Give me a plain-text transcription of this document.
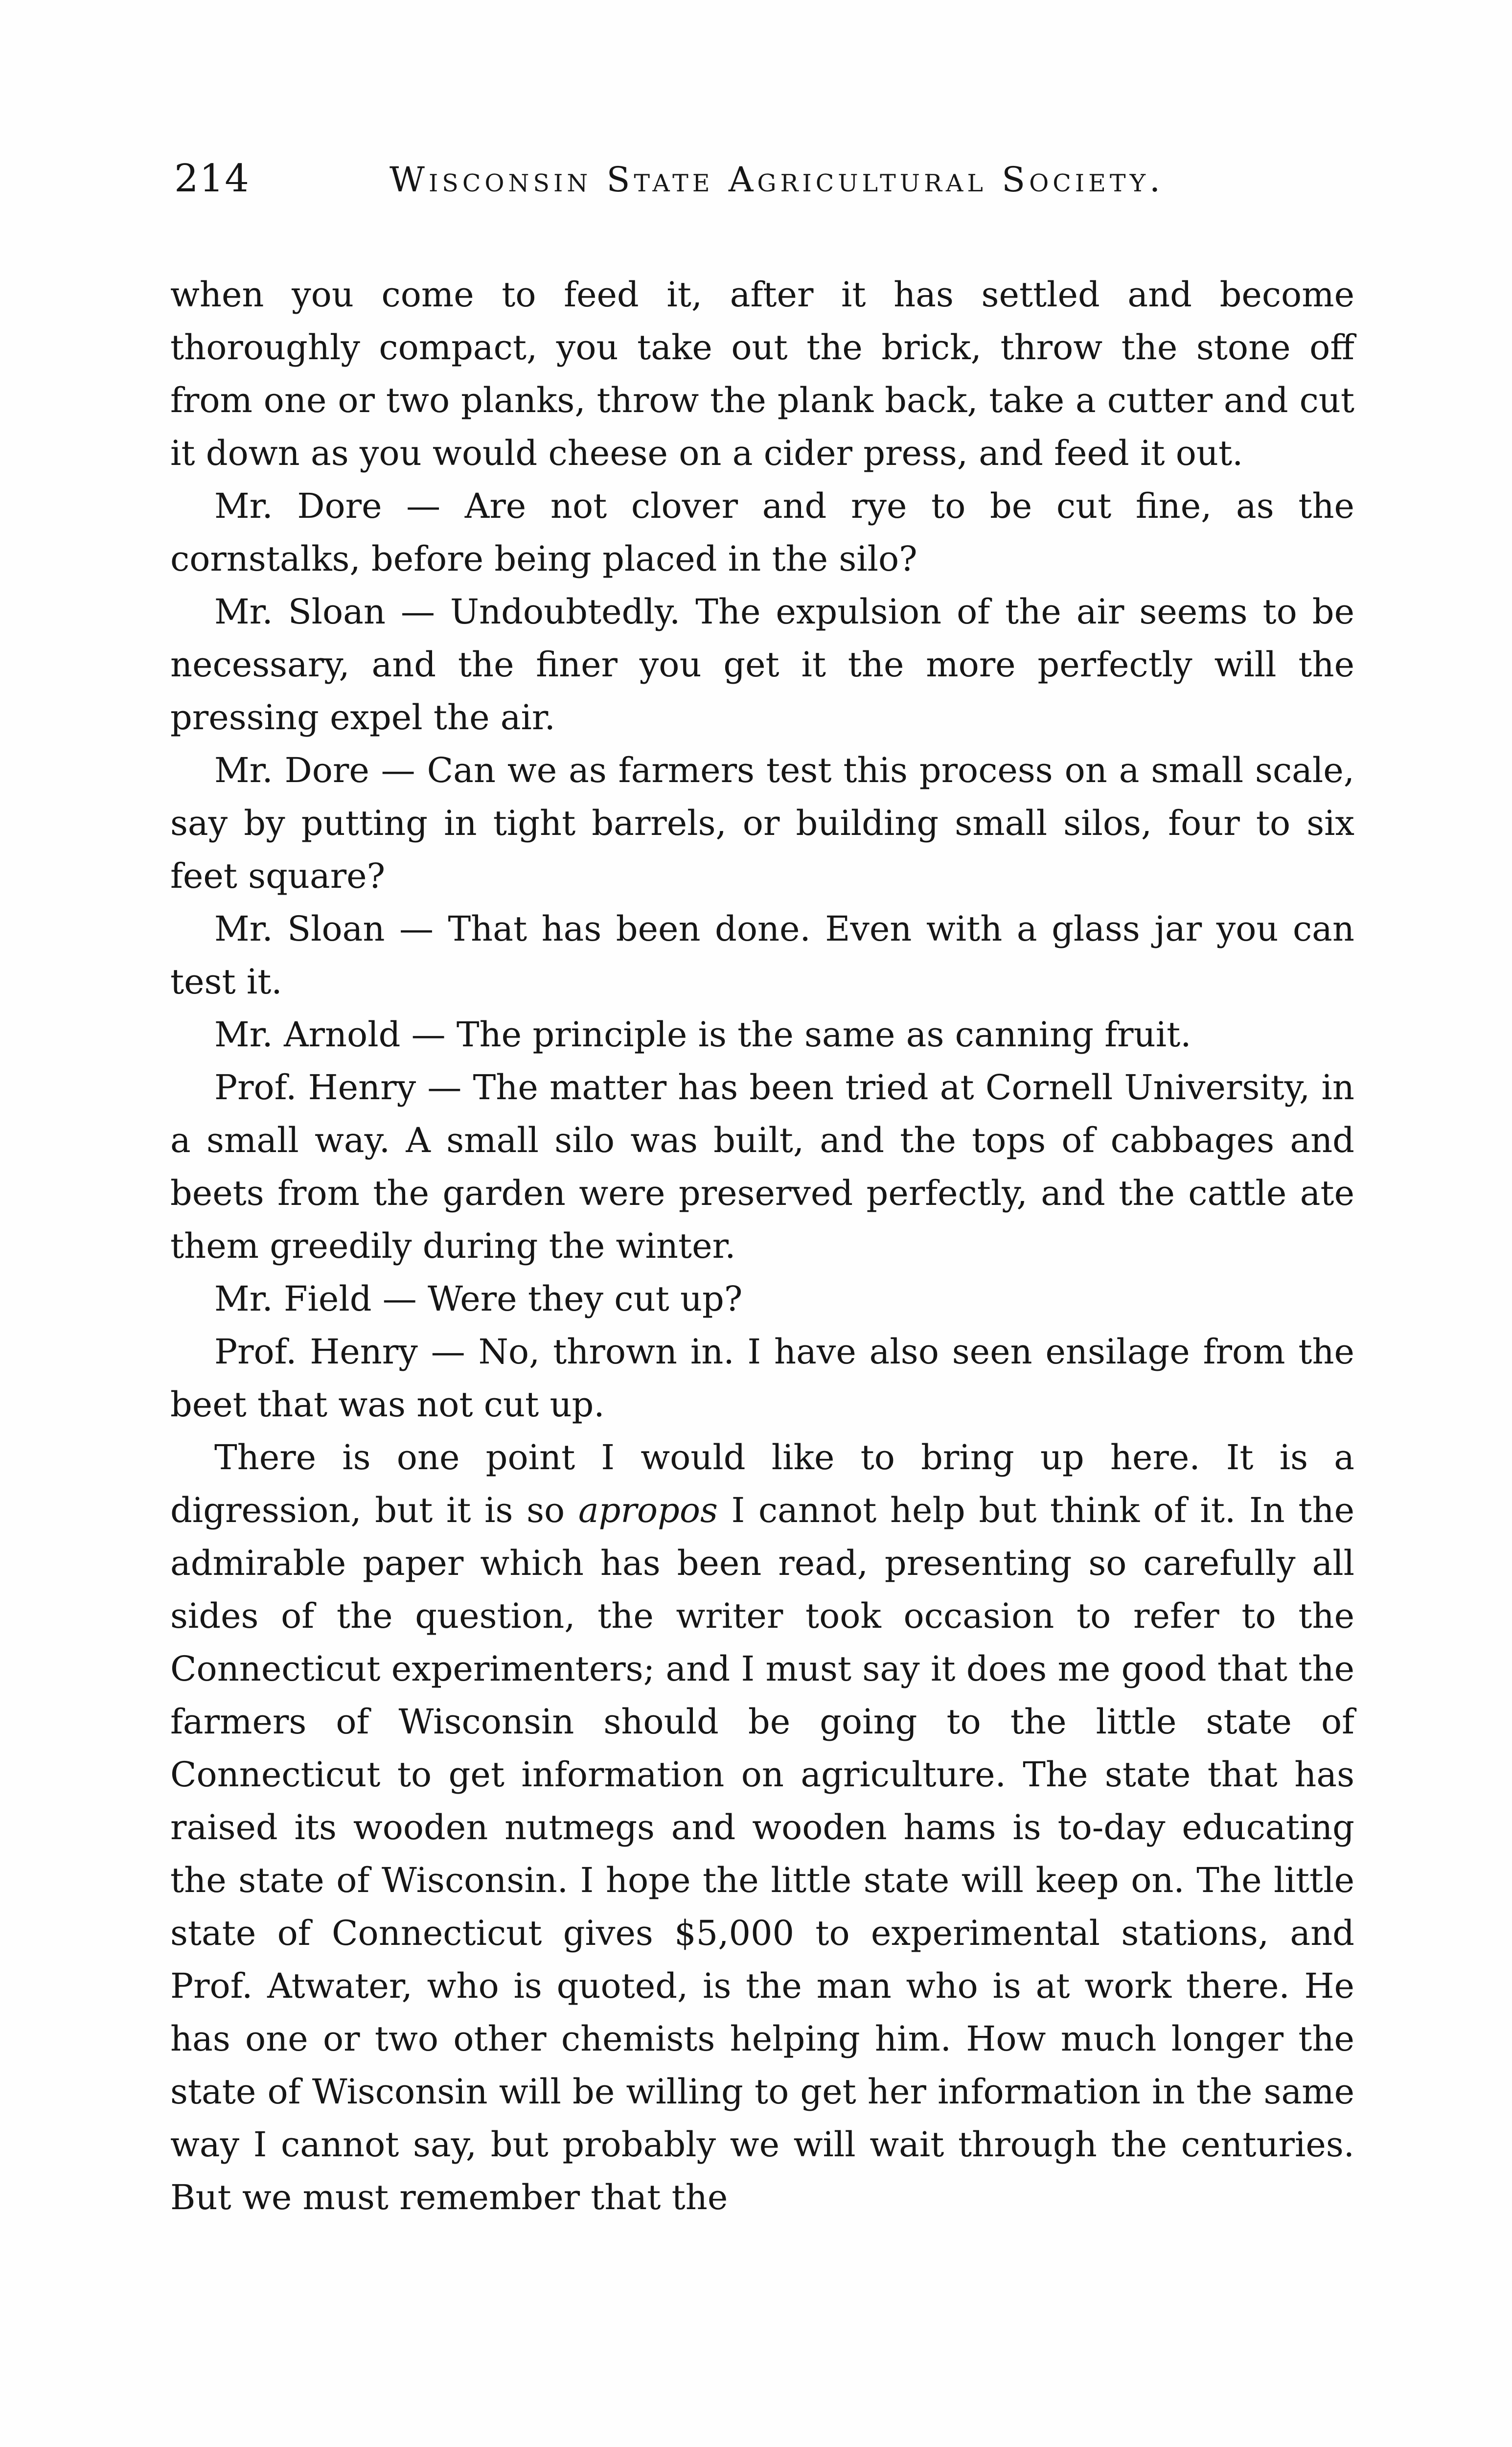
214	Wisconsin State Agricultural Society.

when you come to feed it, after it has settled and become thoroughly compact, you take out the brick, throw the stone off from one or two planks, throw the plank back, take a cutter and cut it down as you would cheese on a cider press, and feed it out.

Mr. Dore — Are not clover and rye to be cut fine, as the cornstalks, before being placed in the silo?

Mr. Sloan — Undoubtedly. The expulsion of the air seems to be necessary, and the finer you get it the more perfectly will the pressing expel the air.

Mr. Dore — Can we as farmers test this process on a small scale, say by putting in tight barrels, or building small silos, four to six feet square?

Mr. Sloan — That has been done. Even with a glass jar you can test it.

Mr. Arnold — The principle is the same as canning fruit.

Prof. Henry — The matter has been tried at Cornell University, in a small way. A small silo was built, and the tops of cabbages and beets from the garden were preserved perfectly, and the cattle ate them greedily during the winter.

Mr. Field — Were they cut up?

Prof. Henry — No, thrown in. I have also seen ensilage from the beet that was not cut up.

There is one point I would like to bring up here. It is a digression, but it is so apropos I cannot help but think of it. In the admirable paper which has been read, presenting so carefully all sides of the question, the writer took occasion to refer to the Connecticut experimenters; and I must say it does me good that the farmers of Wisconsin should be going to the little state of Connecticut to get information on agriculture. The state that has raised its wooden nutmegs and wooden hams is to-day educating the state of Wisconsin. I hope the little state will keep on. The little state of Connecticut gives $5,000 to experimental stations, and Prof. Atwater, who is quoted, is the man who is at work there. He has one or two other chemists helping him. How much longer the state of Wisconsin will be willing to get her information in the same way I cannot say, but probably we will wait through the centuries. But we must remember that the
